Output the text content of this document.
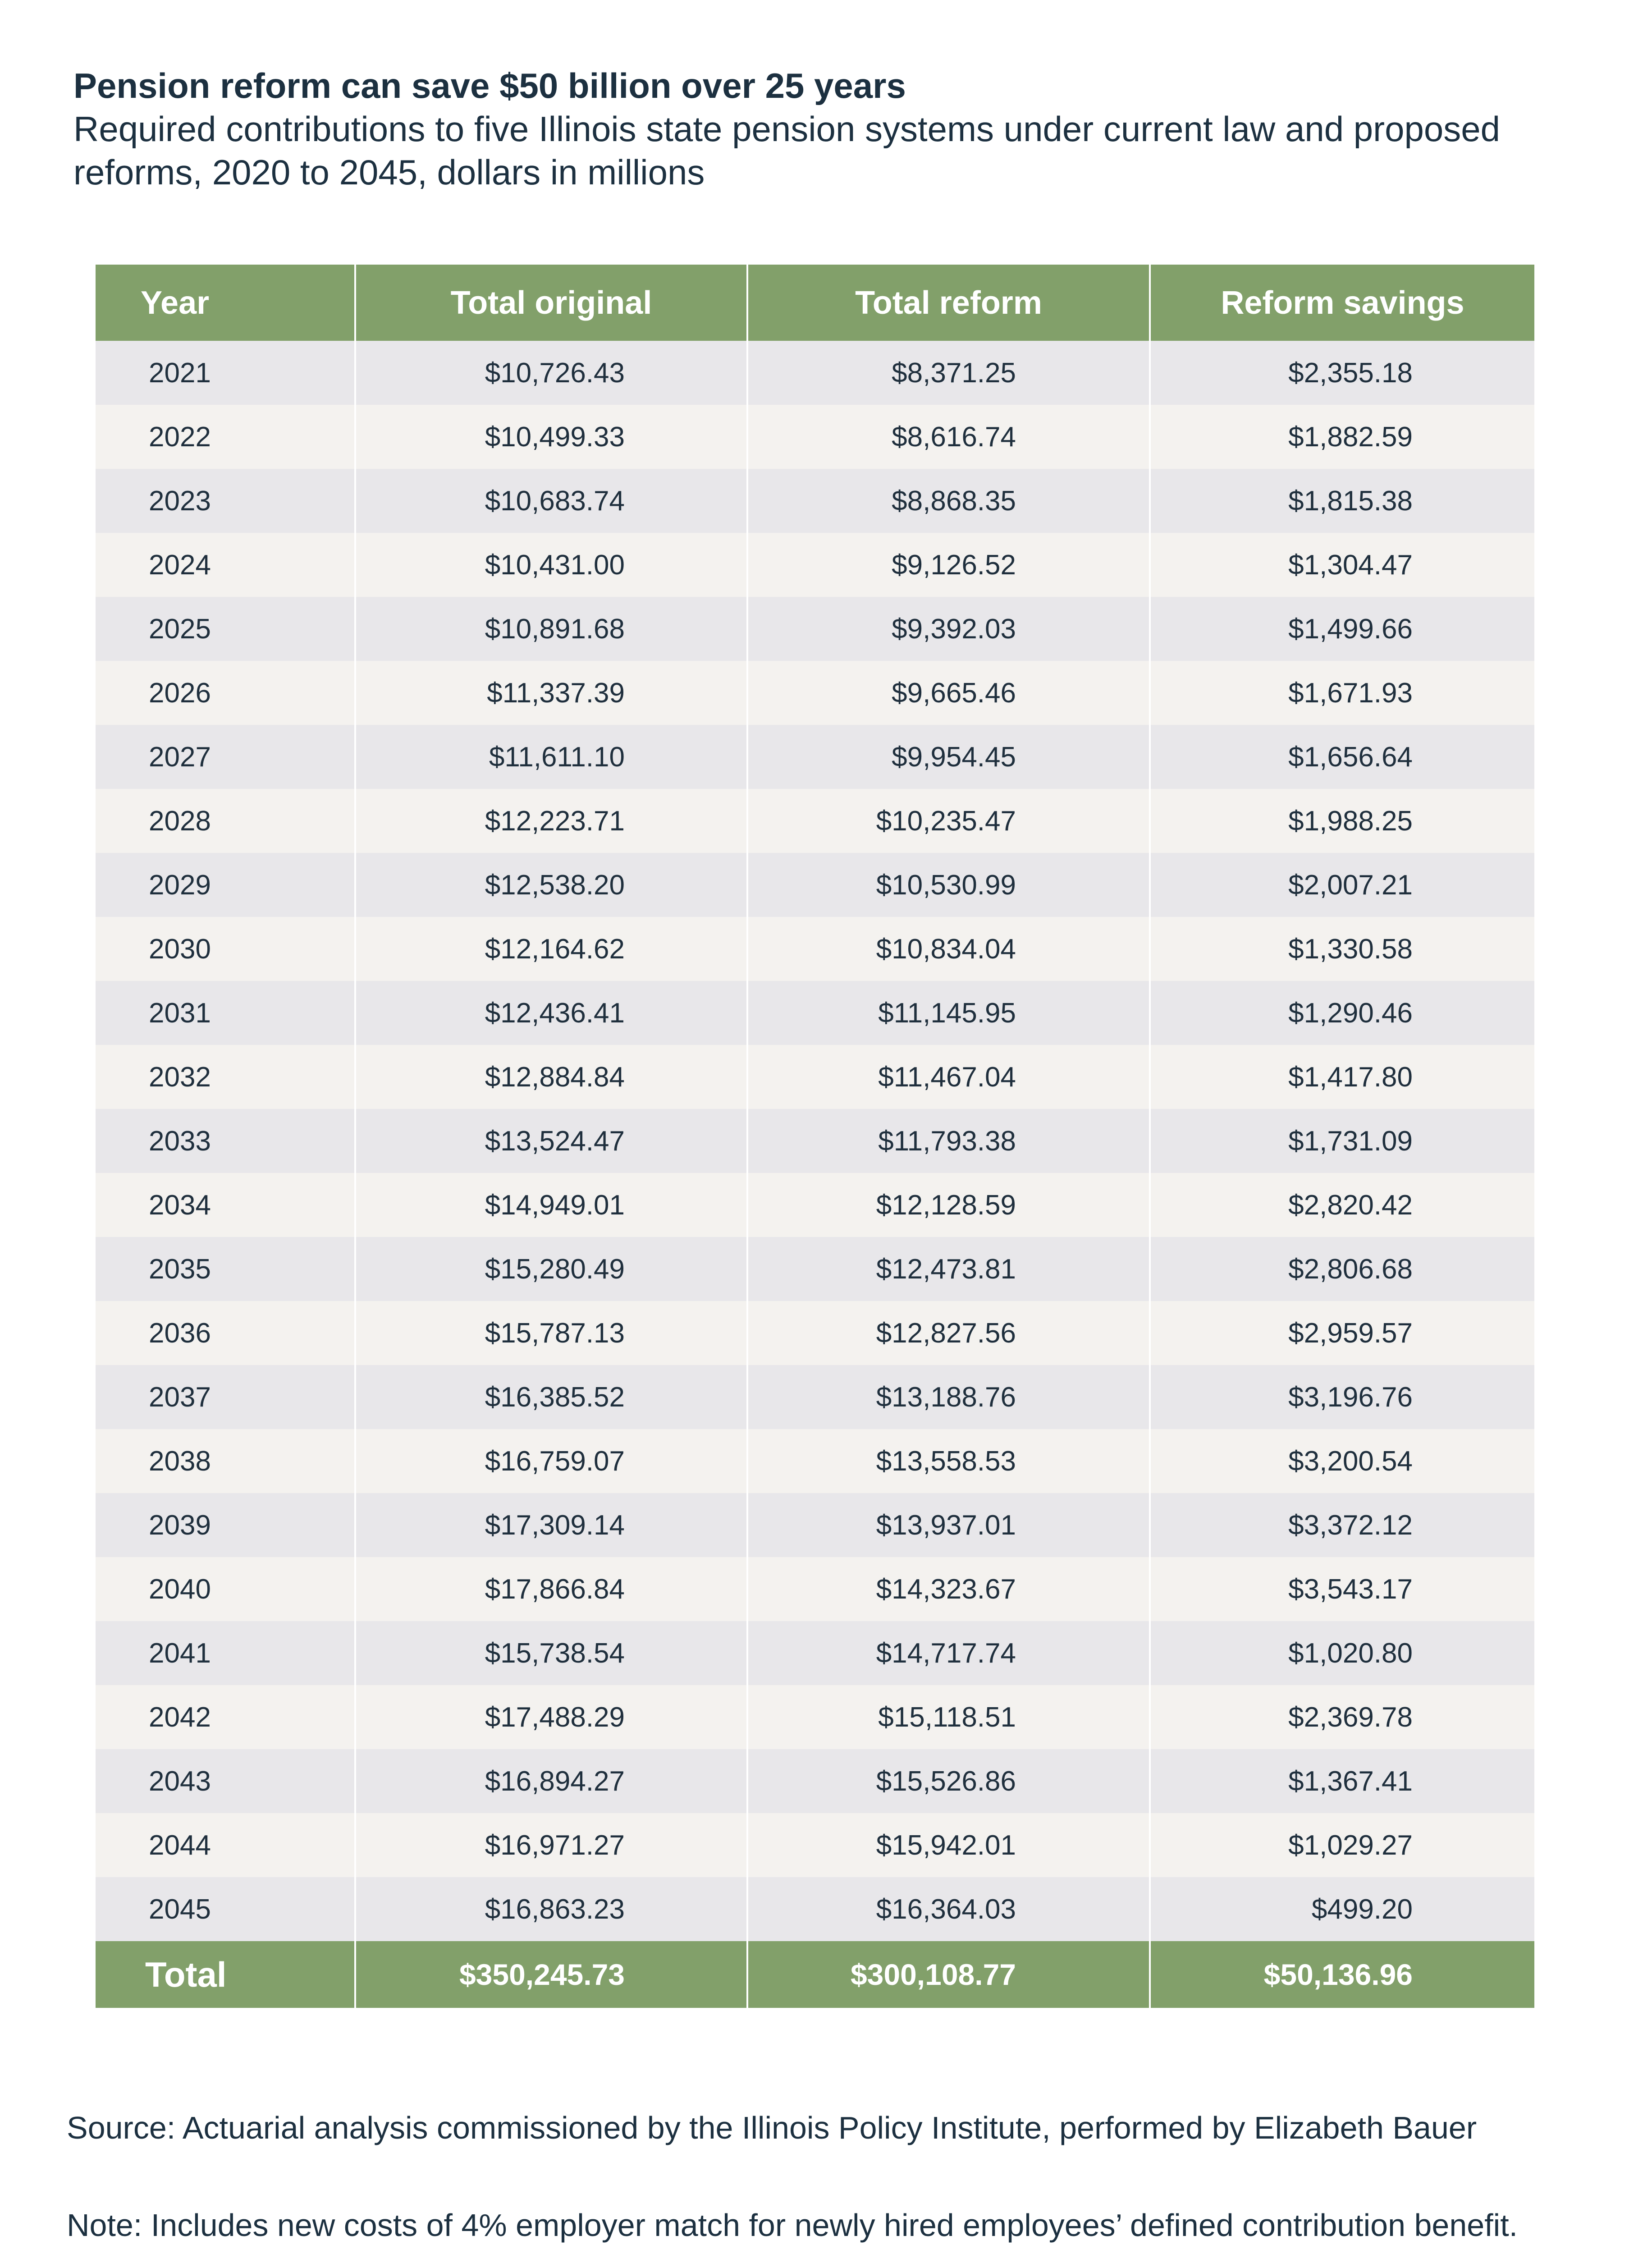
Pension reform can save $50 billion over 25 years
Required contributions to five Illinois state pension systems under current law and proposed reforms, 2020 to 2045, dollars in millions
Year	Total original	Total reform	Reform savings
2021	$10,726.43	$8,371.25	$2,355.18
2022	$10,499.33	$8,616.74	$1,882.59
2023	$10,683.74	$8,868.35	$1,815.38
2024	$10,431.00	$9,126.52	$1,304.47
2025	$10,891.68	$9,392.03	$1,499.66
2026	$11,337.39	$9,665.46	$1,671.93
2027	$11,611.10	$9,954.45	$1,656.64
2028	$12,223.71	$10,235.47	$1,988.25
2029	$12,538.20	$10,530.99	$2,007.21
2030	$12,164.62	$10,834.04	$1,330.58
2031	$12,436.41	$11,145.95	$1,290.46
2032	$12,884.84	$11,467.04	$1,417.80
2033	$13,524.47	$11,793.38	$1,731.09
2034	$14,949.01	$12,128.59	$2,820.42
2035	$15,280.49	$12,473.81	$2,806.68
2036	$15,787.13	$12,827.56	$2,959.57
2037	$16,385.52	$13,188.76	$3,196.76
2038	$16,759.07	$13,558.53	$3,200.54
2039	$17,309.14	$13,937.01	$3,372.12
2040	$17,866.84	$14,323.67	$3,543.17
2041	$15,738.54	$14,717.74	$1,020.80
2042	$17,488.29	$15,118.51	$2,369.78
2043	$16,894.27	$15,526.86	$1,367.41
2044	$16,971.27	$15,942.01	$1,029.27
2045	$16,863.23	$16,364.03	$499.20
Total	$350,245.73	$300,108.77	$50,136.96
Source: Actuarial analysis commissioned by the Illinois Policy Institute, performed by Elizabeth Bauer
Note: Includes new costs of 4% employer match for newly hired employees’ defined contribution benefit.
